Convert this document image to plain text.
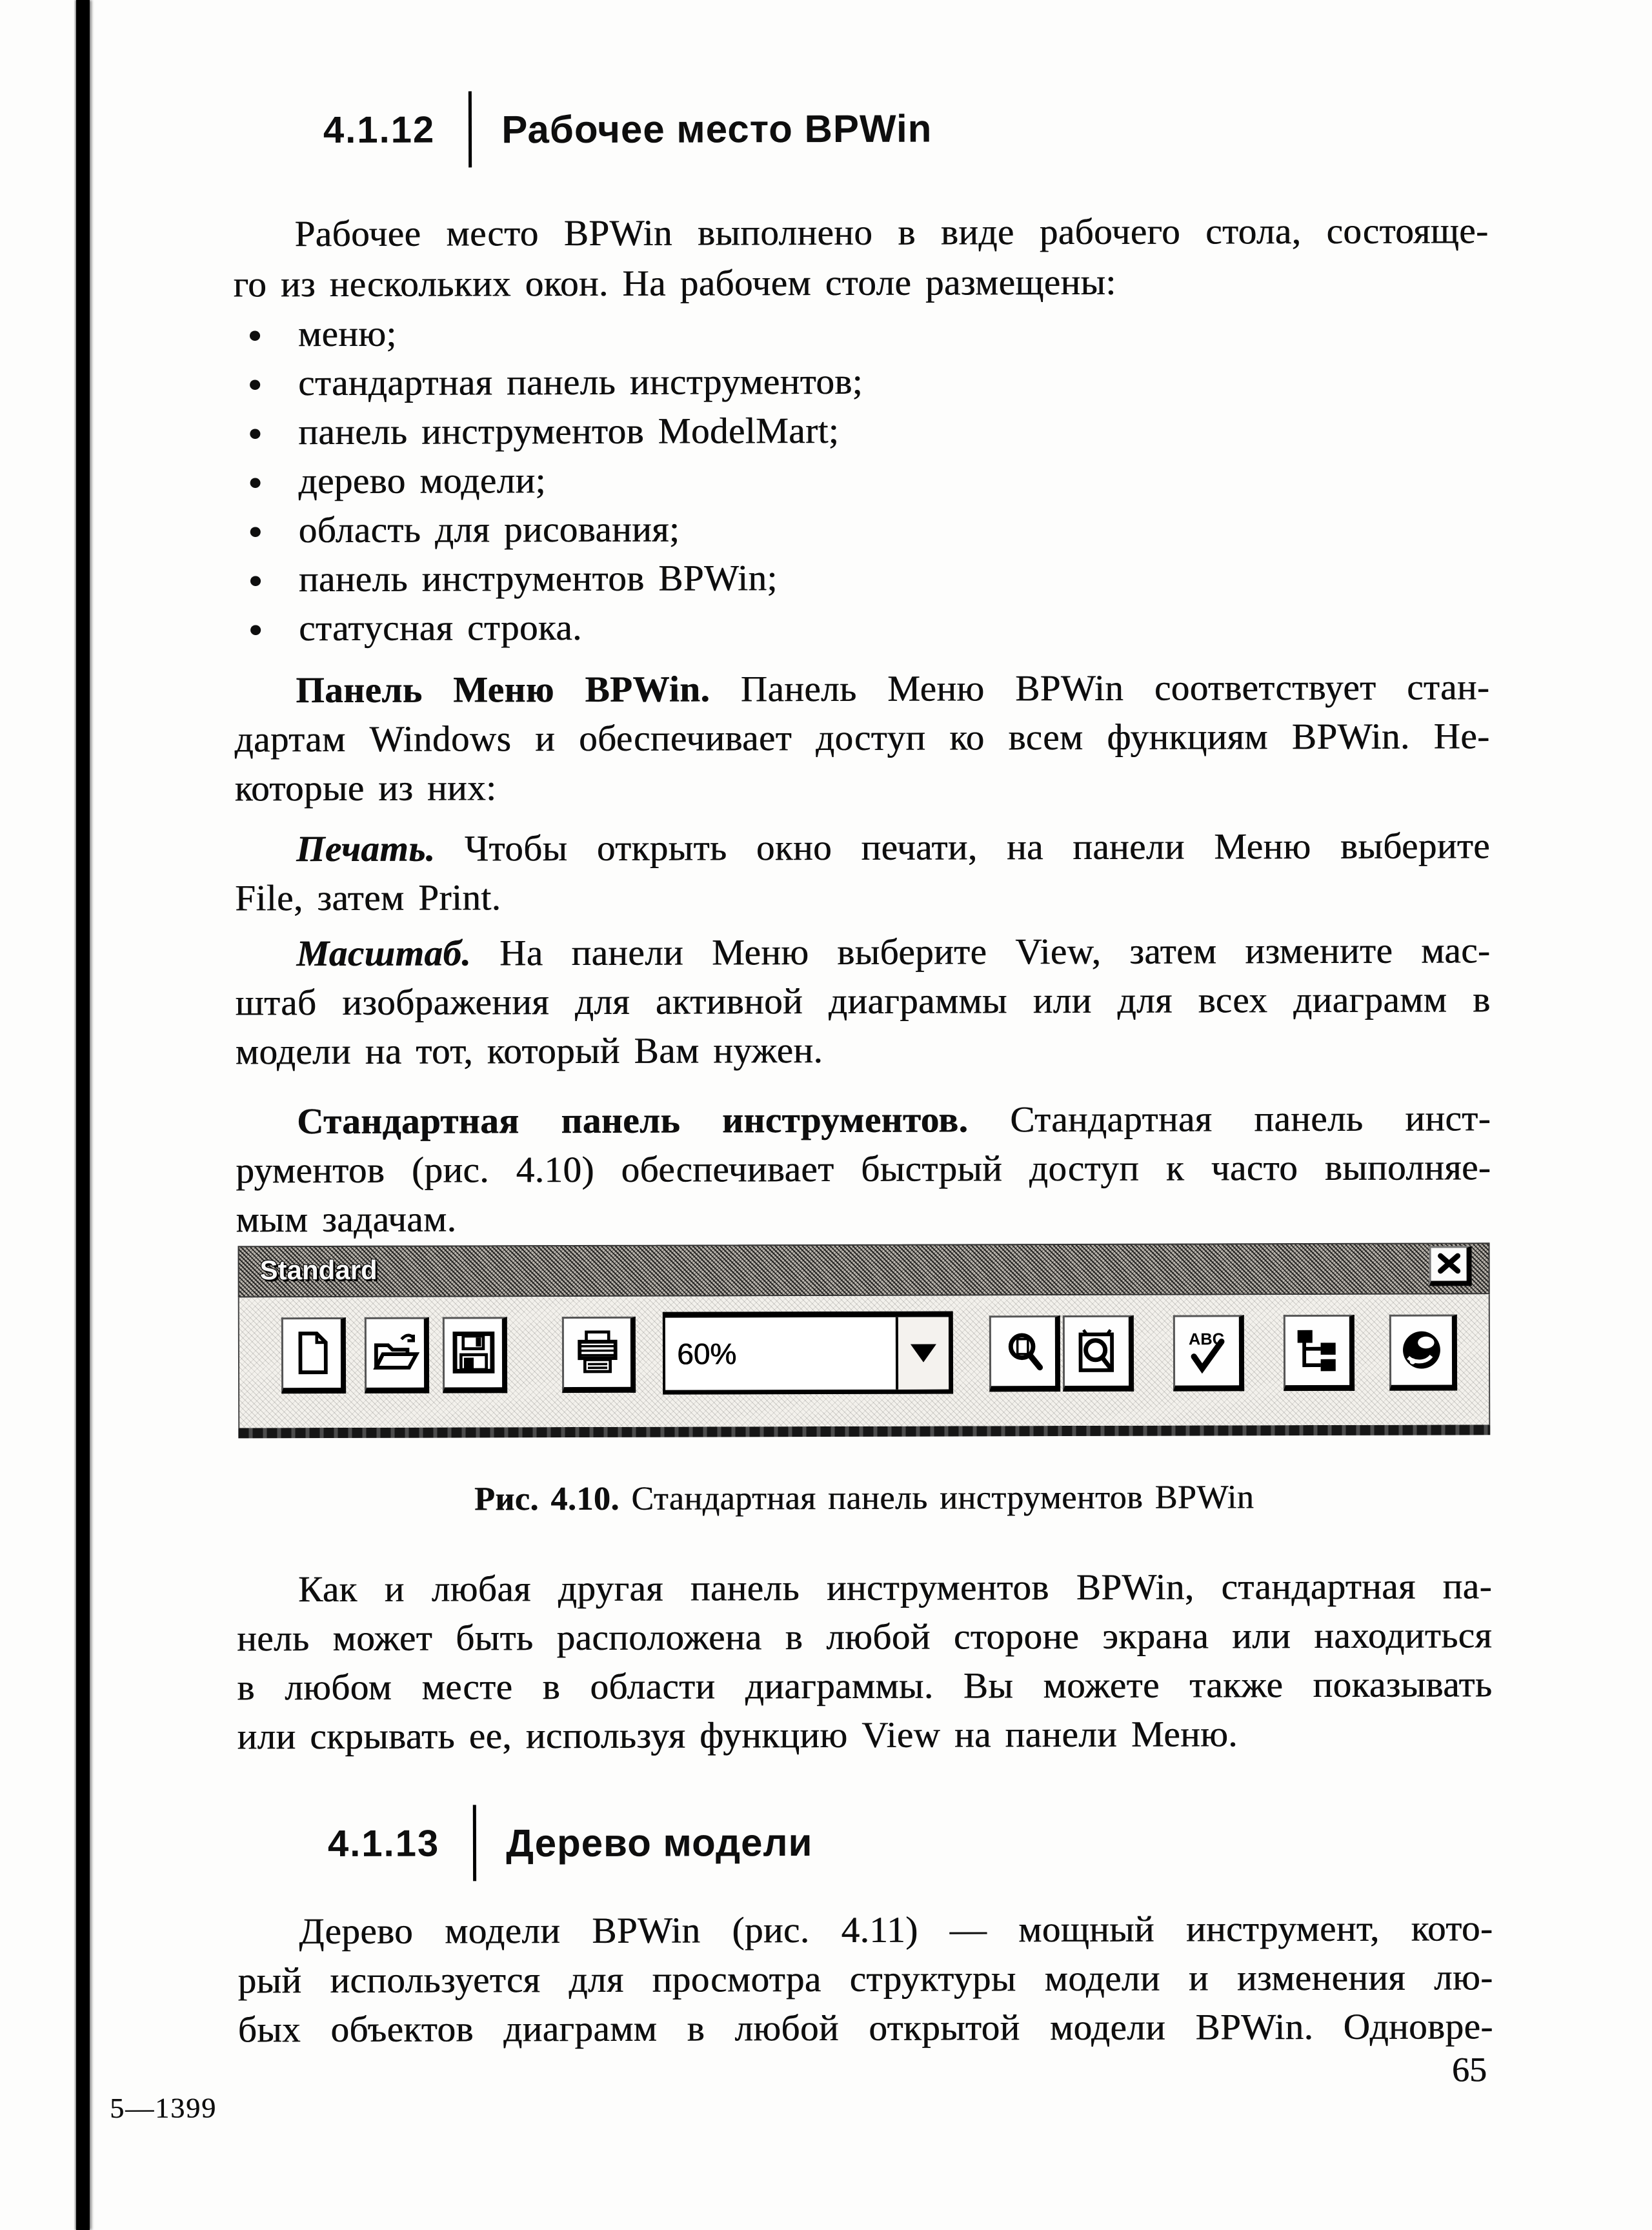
4.1.12 Рабочее место BPWin
Рабочее место BPWin выполнено в виде рабочего стола, состояще-
го из нескольких окон. На рабочем столе размещены:
● меню;
● стандартная панель инструментов;
● панель инструментов ModelMart;
● дерево модели;
● область для рисования;
● панель инструментов BPWin;
● статусная строка.
Панель Меню BPWin. Панель Меню BPWin соответствует стан-
дартам Windows и обеспечивает доступ ко всем функциям BPWin. Не-
которые из них:
Печать. Чтобы открыть окно печати, на панели Меню выберите
File, затем Print.
Масштаб. На панели Меню выберите View, затем измените мас-
штаб изображения для активной диаграммы или для всех диаграмм в
модели на тот, который Вам нужен.
Стандартная панель инструментов. Стандартная панель инст-
рументов (рис. 4.10) обеспечивает быстрый доступ к часто выполняе-
мым задачам.
Standard
60%	ABC
Рис. 4.10. Стандартная панель инструментов BPWin
Как и любая другая панель инструментов BPWin, стандартная па-
нель может быть расположена в любой стороне экрана или находиться
в любом месте в области диаграммы. Вы можете также показывать
или скрывать ее, используя функцию View на панели Меню.
4.1.13 Дерево модели
Дерево модели BPWin (рис. 4.11) — мощный инструмент, кото-
рый используется для просмотра структуры модели и изменения лю-
бых объектов диаграмм в любой открытой модели BPWin. Одновре-
65
5—1399
